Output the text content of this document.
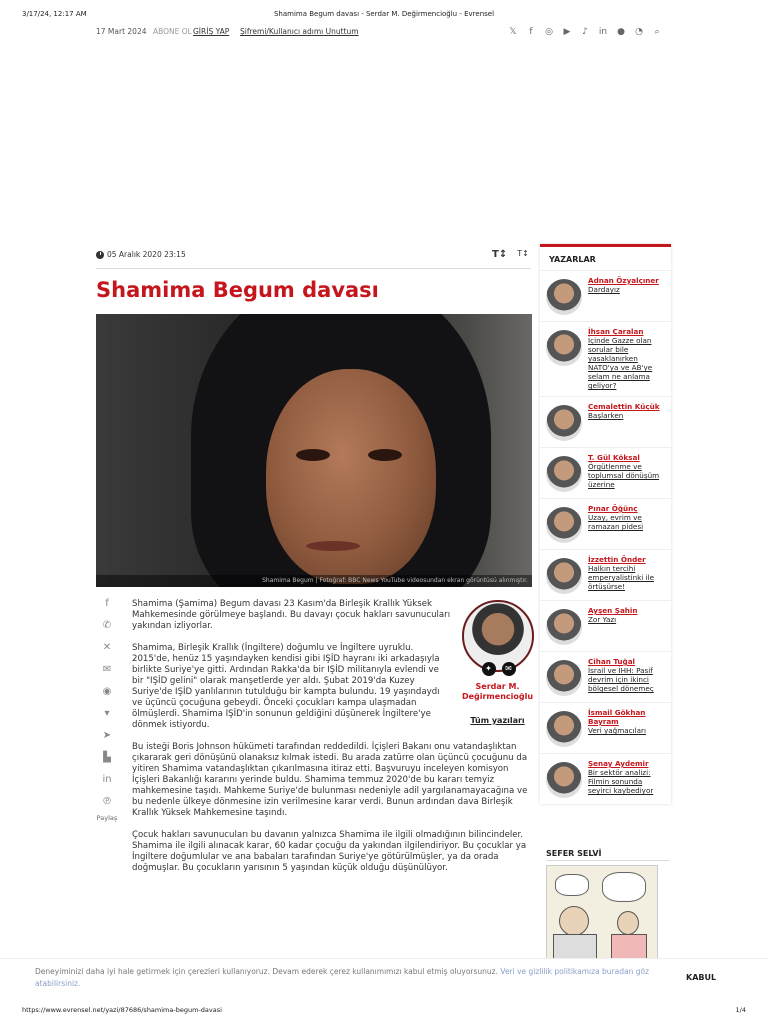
3/17/24, 12:17 AM	Shamima Begum davası - Serdar M. Değirmencioğlu - Evrensel
17 Mart 2024 ABONE OL GİRİŞ YAP Şifremi/Kullanıcı adımı Unuttum	𝕏	f	◎ ▶ ♪ in ● ◔ ⌕
05 Aralık 2020 23:15	T↕ T↕
Shamima Begum davası
Shamima Begum | Fotoğraf: BBC News YouTube videosundan ekran görüntüsü alınmıştır.
f
✆
✕
✉
◉
▾
➤
▙
in
℗
Paylaş

Shamima (Şamima) Begum davası 23 Kasım'da Birleşik Krallık Yüksek Mahkemesinde görülmeye başlandı. Bu davayı çocuk hakları savunucuları yakından izliyorlar.

Shamima, Birleşik Krallık (İngiltere) doğumlu ve İngiltere uyruklu. 2015'de, henüz 15 yaşındayken kendisi gibi IŞİD hayranı iki arkadaşıyla birlikte Suriye'ye gitti. Ardından Rakka'da bir IŞİD militanıyla evlendi ve bir "IŞİD gelini" olarak manşetlerde yer aldı. Şubat 2019'da Kuzey Suriye'de IŞİD yanlılarının tutulduğu bir kampta bulundu. 19 yaşındaydı ve üçüncü çocuğuna gebeydi. Önceki çocukları kampa ulaşmadan ölmüşlerdi. Shamima IŞİD'in sonunun geldiğini düşünerek İngiltere'ye dönmek istiyordu.

Bu isteği Boris Johnson hükümeti tarafından reddedildi. İçişleri Bakanı onu vatandaşlıktan çıkararak geri dönüşünü olanaksız kılmak istedi. Bu arada zatürre olan üçüncü çocuğunu da yitiren Shamima vatandaşlıktan çıkarılmasına itiraz etti. Başvuruyu inceleyen komisyon İçişleri Bakanlığı kararını yerinde buldu. Shamima temmuz 2020'de bu kararı temyiz mahkemesine taşıdı. Mahkeme Suriye'de bulunması nedeniyle adil yargılanamayacağına ve bu nedenle ülkeye dönmesine izin verilmesine karar verdi. Bunun ardından dava Birleşik Krallık Yüksek Mahkemesine taşındı.

Çocuk hakları savunucuları bu davanın yalnızca Shamima ile ilgili olmadığının bilincindeler. Shamima ile ilgili alınacak karar, 60 kadar çocuğu da yakından ilgilendiriyor. Bu çocuklar ya İngiltere doğumlular ve ana babaları tarafından Suriye'ye götürülmüşler, ya da orada doğmuşlar. Bu çocukların yarısının 5 yaşından küçük olduğu düşünülüyor.

✦	✉
Serdar M. Değirmencioğlu
Tüm yazıları
YAZARLAR
Adnan Özyalçıner
Dardayız
İhsan Çaralan
İçinde Gazze olan sorular bile yasaklanırken NATO'ya ve AB'ye selam ne anlama geliyor?
Cemalettin Küçük
Başlarken
T. Gül Köksal
Örgütlenme ve toplumsal dönüşüm üzerine
Pınar Öğünç
Uzay, evrim ve ramazan pidesi
İzzettin Önder
Halkın tercihi emperyalistinki ile örtüşürse!
Ayşen Şahin
Zor Yazı
Cihan Tuğal
İsrail ve İHH: Pasif devrim için ikinci bölgesel dönemeç
İsmail Gökhan Bayram
Veri yağmacıları
Şenay Aydemir
Bir sektör analizi: Filmin sonunda seyirci kaybediyor
SEFER SELVİ
Deneyiminizi daha iyi hale getirmek için çerezleri kullanıyoruz. Devam ederek çerez kullanımımızı kabul etmiş oluyorsunuz. Veri ve gizlilik politikamıza buradan göz atabilirsiniz.
KABUL
https://www.evrensel.net/yazi/87686/shamima-begum-davasi	1/4
